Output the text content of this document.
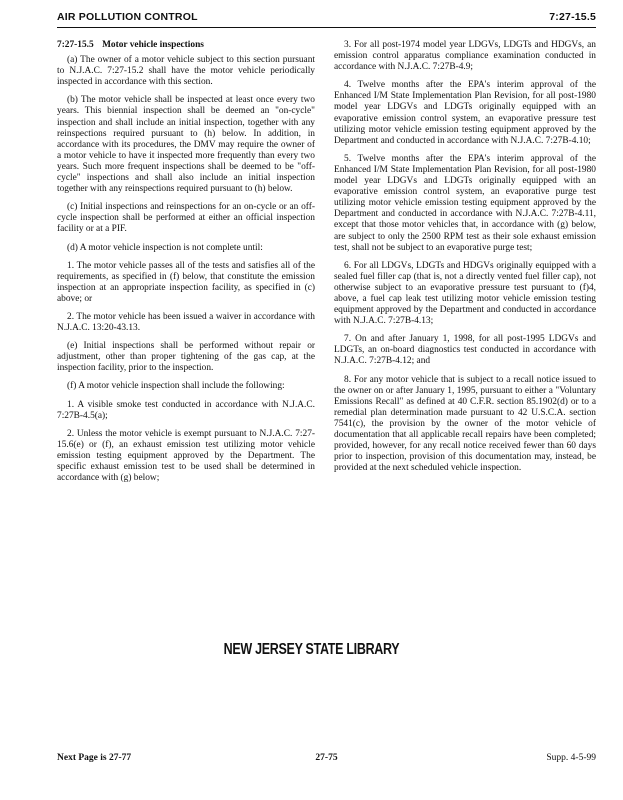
AIR POLLUTION CONTROL	7:27-15.5

7:27-15.5 Motor vehicle inspections

(a) The owner of a motor vehicle subject to this section pursuant to N.J.A.C. 7:27-15.2 shall have the motor vehicle periodically inspected in accordance with this section.

(b) The motor vehicle shall be inspected at least once every two years. This biennial inspection shall be deemed an "on-cycle" inspection and shall include an initial inspection, together with any reinspections required pursuant to (h) below. In addition, in accordance with its procedures, the DMV may require the owner of a motor vehicle to have it inspected more frequently than every two years. Such more frequent inspections shall be deemed to be "off-cycle" inspections and shall also include an initial inspection together with any reinspections required pursuant to (h) below.

(c) Initial inspections and reinspections for an on-cycle or an off-cycle inspection shall be performed at either an official inspection facility or at a PIF.

(d) A motor vehicle inspection is not complete until:

1. The motor vehicle passes all of the tests and satisfies all of the requirements, as specified in (f) below, that constitute the emission inspection at an appropriate inspection facility, as specified in (c) above; or

2. The motor vehicle has been issued a waiver in accordance with N.J.A.C. 13:20-43.13.

(e) Initial inspections shall be performed without repair or adjustment, other than proper tightening of the gas cap, at the inspection facility, prior to the inspection.

(f) A motor vehicle inspection shall include the following:

1. A visible smoke test conducted in accordance with N.J.A.C. 7:27B-4.5(a);

2. Unless the motor vehicle is exempt pursuant to N.J.A.C. 7:27-15.6(e) or (f), an exhaust emission test utilizing motor vehicle emission testing equipment approved by the Department. The specific exhaust emission test to be used shall be determined in accordance with (g) below;

3. For all post-1974 model year LDGVs, LDGTs and HDGVs, an emission control apparatus compliance examination conducted in accordance with N.J.A.C. 7:27B-4.9;

4. Twelve months after the EPA's interim approval of the Enhanced I/M State Implementation Plan Revision, for all post-1980 model year LDGVs and LDGTs originally equipped with an evaporative emission control system, an evaporative pressure test utilizing motor vehicle emission testing equipment approved by the Department and conducted in accordance with N.J.A.C. 7:27B-4.10;

5. Twelve months after the EPA's interim approval of the Enhanced I/M State Implementation Plan Revision, for all post-1980 model year LDGVs and LDGTs originally equipped with an evaporative emission control system, an evaporative purge test utilizing motor vehicle emission testing equipment approved by the Department and conducted in accordance with N.J.A.C. 7:27B-4.11, except that those motor vehicles that, in accordance with (g) below, are subject to only the 2500 RPM test as their sole exhaust emission test, shall not be subject to an evaporative purge test;

6. For all LDGVs, LDGTs and HDGVs originally equipped with a sealed fuel filler cap (that is, not a directly vented fuel filler cap), not otherwise subject to an evaporative pressure test pursuant to (f)4, above, a fuel cap leak test utilizing motor vehicle emission testing equipment approved by the Department and conducted in accordance with N.J.A.C. 7:27B-4.13;

7. On and after January 1, 1998, for all post-1995 LDGVs and LDGTs, an on-board diagnostics test conducted in accordance with N.J.A.C. 7:27B-4.12; and

8. For any motor vehicle that is subject to a recall notice issued to the owner on or after January 1, 1995, pursuant to either a "Voluntary Emissions Recall" as defined at 40 C.F.R. section 85.1902(d) or to a remedial plan determination made pursuant to 42 U.S.C.A. section 7541(c), the provision by the owner of the motor vehicle of documentation that all applicable recall repairs have been completed; provided, however, for any recall notice received fewer than 60 days prior to inspection, provision of this documentation may, instead, be provided at the next scheduled vehicle inspection.

NEW JERSEY STATE LIBRARY
Next Page is 27-77	27-75	Supp. 4-5-99
